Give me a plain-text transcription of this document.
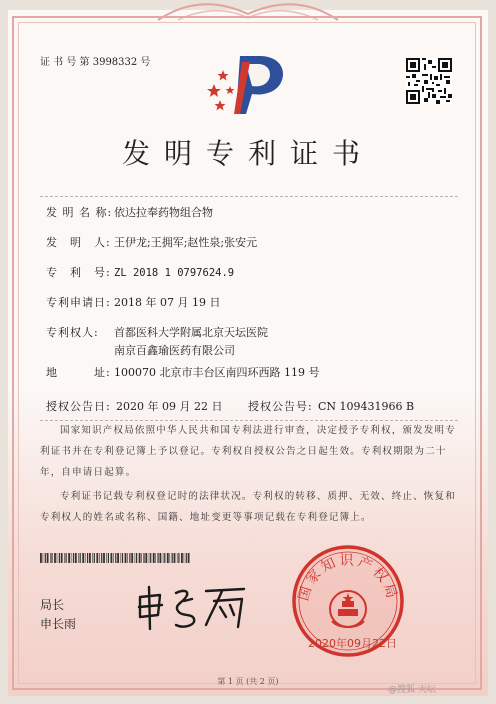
证 书 号 第 3998332 号
发明专利证书
发 明 名 称: 依达拉奉药物组合物
发　明　人: 王伊龙;王拥军;赵性泉;张安元
专　利　号: ZL 2018 1 0797624.9
专利申请日: 2018 年 07 月 19 日
专利权人: 首都医科大学附属北京天坛医院
南京百鑫瑜医药有限公司
地　　　址: 100070 北京市丰台区南四环西路 119 号
授权公告日: 2020 年 09 月 22 日 授权公告号: CN 109431966 B
国家知识产权局依照中华人民共和国专利法进行审查，决定授予专利权，颁发发明专利证书并在专利登记簿上予以登记。专利权自授权公告之日起生效。专利权期限为二十年，自申请日起算。
专利证书记载专利权登记时的法律状况。专利权的转移、质押、无效、终止、恢复和专利权人的姓名或名称、国籍、地址变更等事项记载在专利登记簿上。
局长
申长雨
国家知识产权局
2020年09月22日
第 1 页 (共 2 页)
@搜狐 天坛
